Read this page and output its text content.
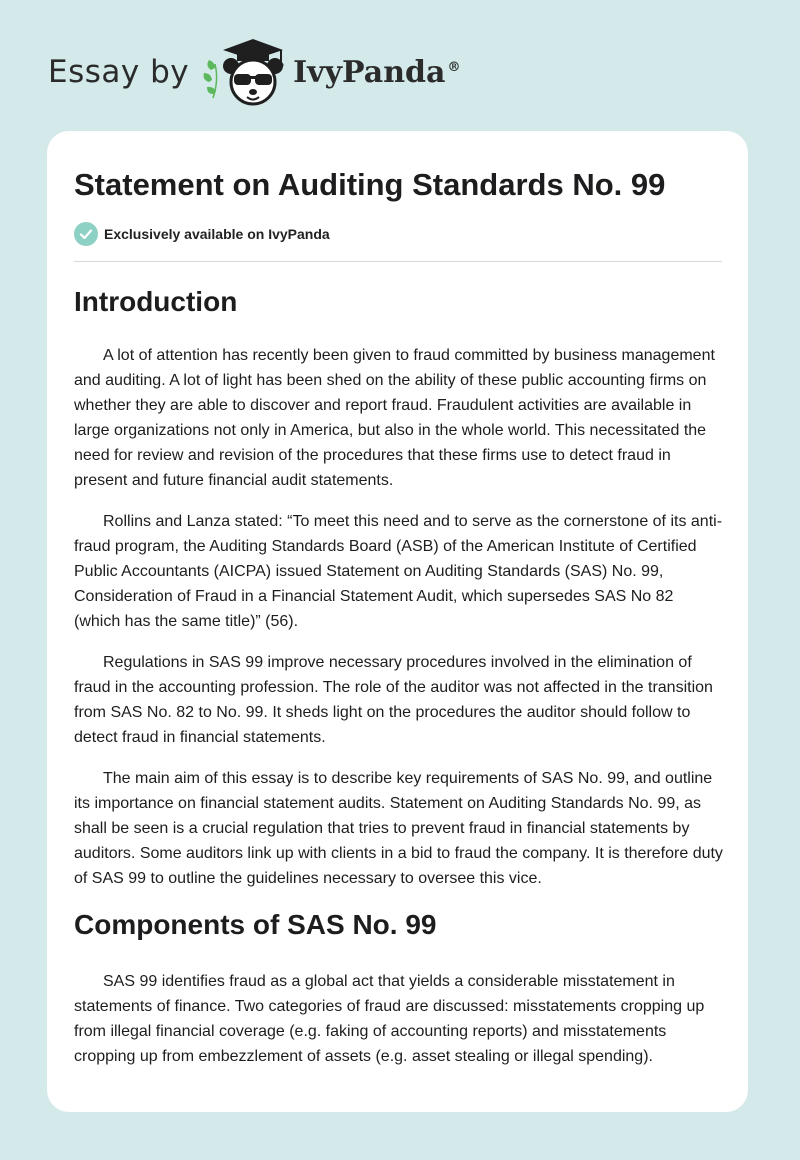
Essay by	IvyPanda ®
Statement on Auditing Standards No. 99
Exclusively available on IvyPanda
Introduction

A lot of attention has recently been given to fraud committed by business management and auditing. A lot of light has been shed on the ability of these public accounting firms on whether they are able to discover and report fraud. Fraudulent activities are available in large organizations not only in America, but also in the whole world. This necessitated the need for review and revision of the procedures that these firms use to detect fraud in present and future financial audit statements.

Rollins and Lanza stated: “To meet this need and to serve as the cornerstone of its anti-fraud program, the Auditing Standards Board (ASB) of the American Institute of Certified Public Accountants (AICPA) issued Statement on Auditing Standards (SAS) No. 99, Consideration of Fraud in a Financial Statement Audit, which supersedes SAS No 82 (which has the same title)” (56).

Regulations in SAS 99 improve necessary procedures involved in the elimination of fraud in the accounting profession. The role of the auditor was not affected in the transition from SAS No. 82 to No. 99. It sheds light on the procedures the auditor should follow to detect fraud in financial statements.

The main aim of this essay is to describe key requirements of SAS No. 99, and outline its importance on financial statement audits. Statement on Auditing Standards No. 99, as shall be seen is a crucial regulation that tries to prevent fraud in financial statements by auditors. Some auditors link up with clients in a bid to fraud the company. It is therefore duty of SAS 99 to outline the guidelines necessary to oversee this vice.

Components of SAS No. 99

SAS 99 identifies fraud as a global act that yields a considerable misstatement in statements of finance. Two categories of fraud are discussed: misstatements cropping up from illegal financial coverage (e.g. faking of accounting reports) and misstatements cropping up from embezzlement of assets (e.g. asset stealing or illegal spending).
